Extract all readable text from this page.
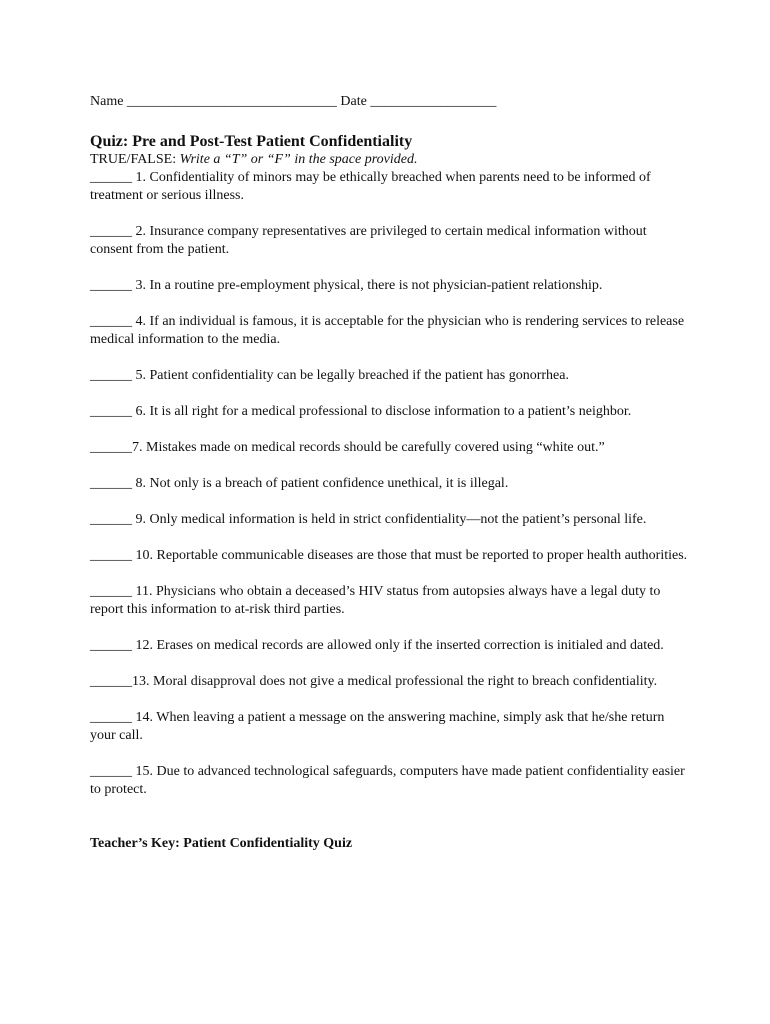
Name ______________________________ Date __________________

Quiz: Pre and Post-Test Patient Confidentiality

TRUE/FALSE: Write a “T” or “F” in the space provided.

______ 1. Confidentiality of minors may be ethically breached when parents need to be informed of treatment or serious illness.
______ 2. Insurance company representatives are privileged to certain medical information without consent from the patient.
______ 3. In a routine pre-employment physical, there is not physician-patient relationship.
______ 4. If an individual is famous, it is acceptable for the physician who is rendering services to release medical information to the media.
______ 5. Patient confidentiality can be legally breached if the patient has gonorrhea.
______ 6. It is all right for a medical professional to disclose information to a patient’s neighbor.
______7. Mistakes made on medical records should be carefully covered using “white out.”
______ 8. Not only is a breach of patient confidence unethical, it is illegal.
______ 9. Only medical information is held in strict confidentiality—not the patient’s personal life.
______ 10. Reportable communicable diseases are those that must be reported to proper health authorities.
______ 11. Physicians who obtain a deceased’s HIV status from autopsies always have a legal duty to report this information to at-risk third parties.
______ 12. Erases on medical records are allowed only if the inserted correction is initialed and dated.
______13. Moral disapproval does not give a medical professional the right to breach confidentiality.
______ 14. When leaving a patient a message on the answering machine, simply ask that he/she return your call.
______ 15. Due to advanced technological safeguards, computers have made patient confidentiality easier to protect.

Teacher’s Key: Patient Confidentiality Quiz
